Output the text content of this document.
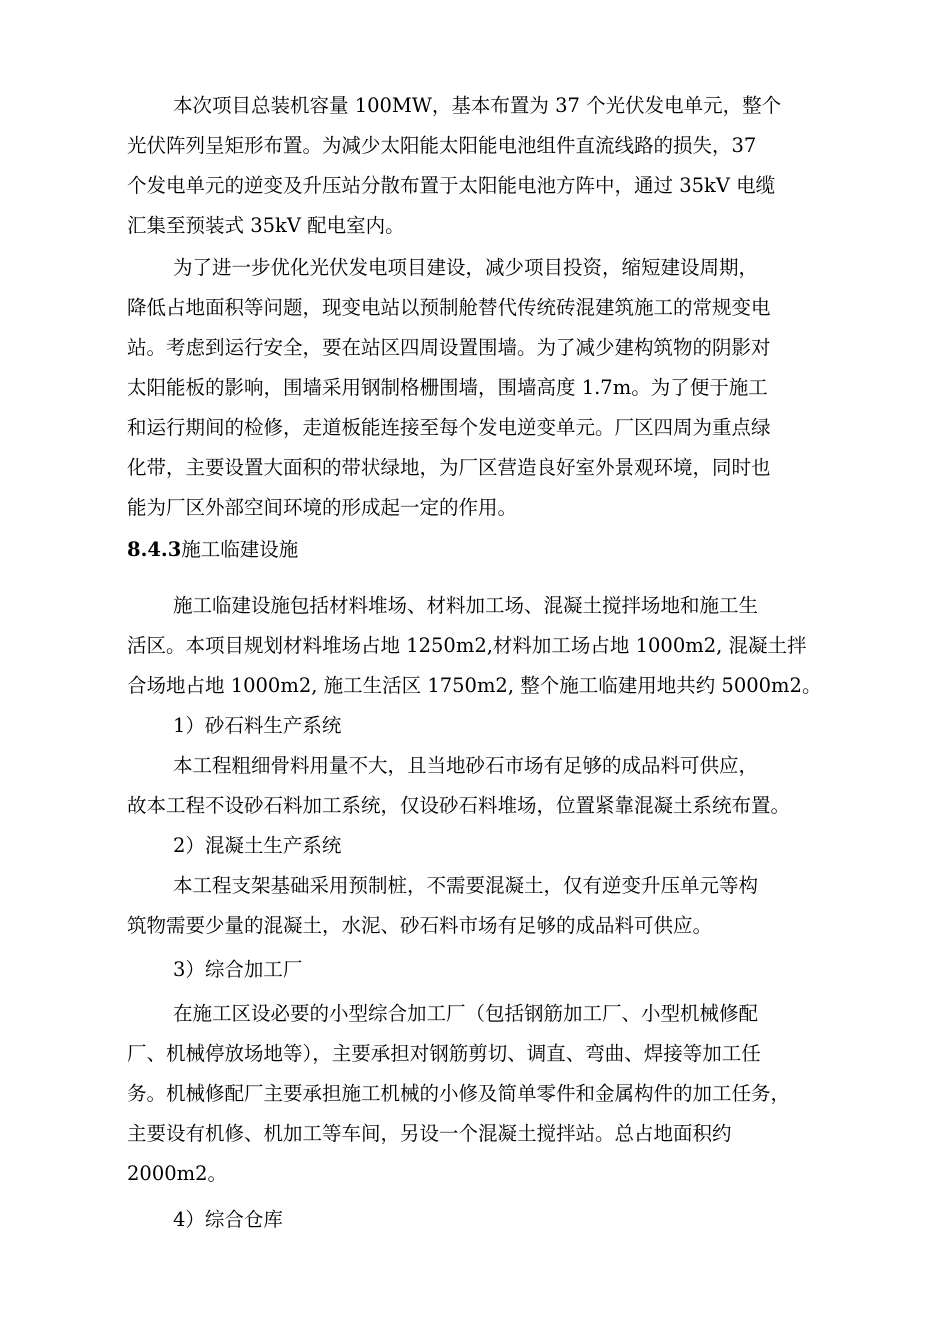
本次项目总装机容量 100MW，基本布置为 37 个光伏发电单元，整个
光伏阵列呈矩形布置。为减少太阳能太阳能电池组件直流线路的损失，37
个发电单元的逆变及升压站分散布置于太阳能电池方阵中，通过 35kV 电缆
汇集至预装式 35kV 配电室内。
为了进一步优化光伏发电项目建设，减少项目投资，缩短建设周期，
降低占地面积等问题，现变电站以预制舱替代传统砖混建筑施工的常规变电
站。考虑到运行安全，要在站区四周设置围墙。为了减少建构筑物的阴影对
太阳能板的影响，围墙采用钢制格栅围墙，围墙高度 1.7m。为了便于施工
和运行期间的检修，走道板能连接至每个发电逆变单元。厂区四周为重点绿
化带，主要设置大面积的带状绿地，为厂区营造良好室外景观环境，同时也
能为厂区外部空间环境的形成起一定的作用。
8.4.3施工临建设施
施工临建设施包括材料堆场、材料加工场、混凝土搅拌场地和施工生
活区。本项目规划材料堆场占地 1250m2,材料加工场占地 1000m2, 混凝土拌
合场地占地 1000m2, 施工生活区 1750m2, 整个施工临建用地共约 5000m2。
1）砂石料生产系统
本工程粗细骨料用量不大，且当地砂石市场有足够的成品料可供应，
故本工程不设砂石料加工系统，仅设砂石料堆场，位置紧靠混凝土系统布置。
2）混凝土生产系统
本工程支架基础采用预制桩，不需要混凝土，仅有逆变升压单元等构
筑物需要少量的混凝土，水泥、砂石料市场有足够的成品料可供应。
3）综合加工厂
在施工区设必要的小型综合加工厂（包括钢筋加工厂、小型机械修配
厂、机械停放场地等），主要承担对钢筋剪切、调直、弯曲、焊接等加工任
务。机械修配厂主要承担施工机械的小修及简单零件和金属构件的加工任务，
主要设有机修、机加工等车间，另设一个混凝土搅拌站。总占地面积约
2000m2。
4）综合仓库
